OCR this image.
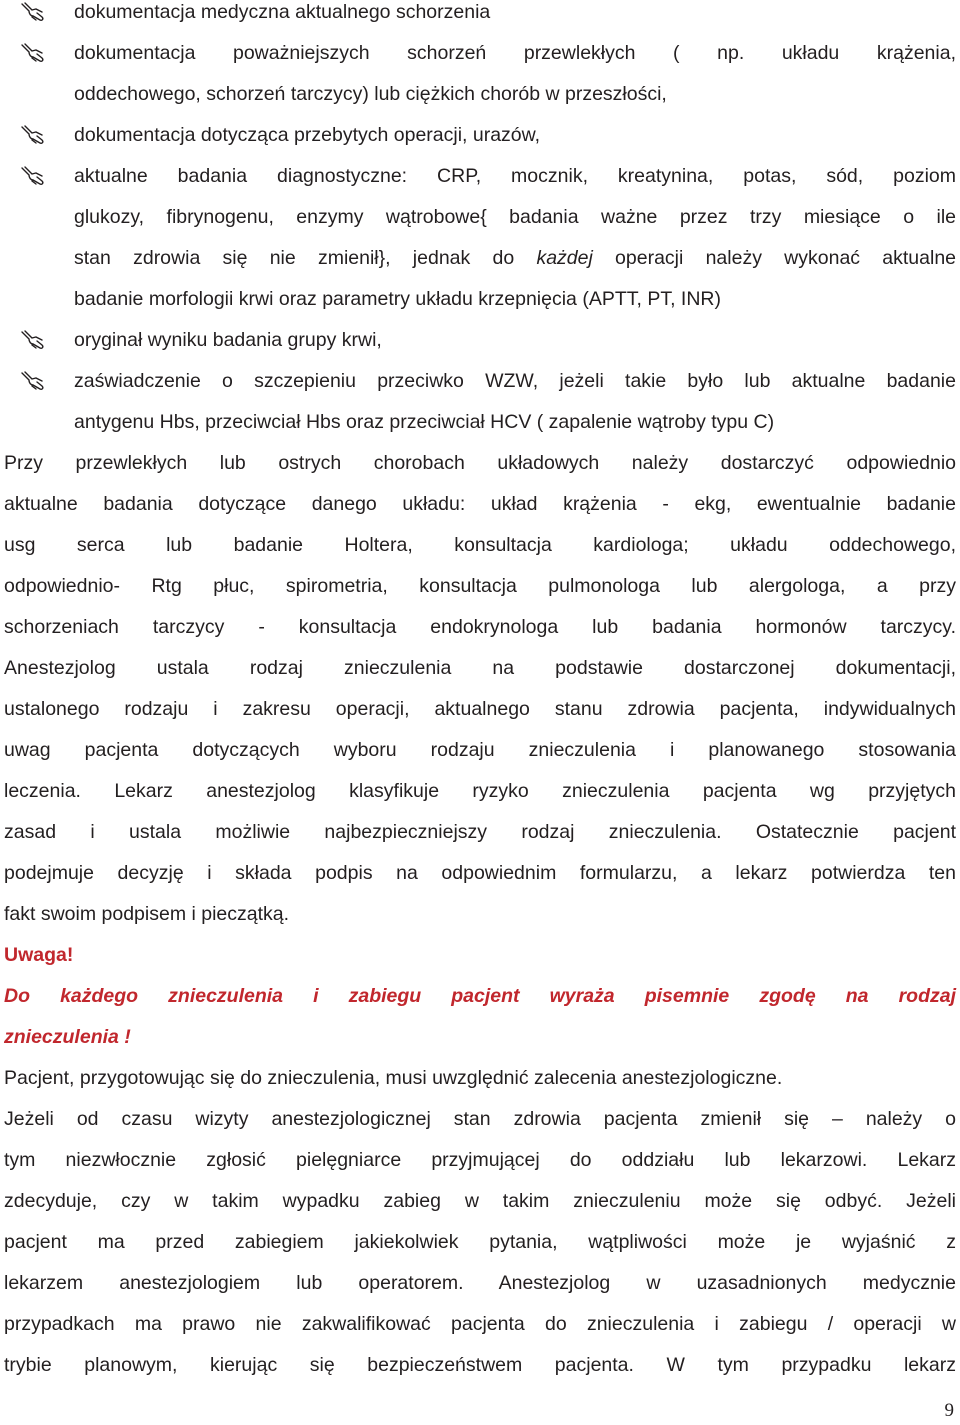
dokumentacja medyczna aktualnego schorzenia
dokumentacja poważniejszych schorzeń przewlekłych ( np. układu krążenia,
oddechowego, schorzeń tarczycy) lub ciężkich chorób w przeszłości,
dokumentacja dotycząca przebytych operacji, urazów,
aktualne badania diagnostyczne: CRP, mocznik, kreatynina, potas, sód, poziom
glukozy, fibrynogenu, enzymy wątrobowe{ badania ważne przez trzy miesiące o ile
stan zdrowia się nie zmienił}, jednak do każdej operacji należy wykonać aktualne
badanie morfologii krwi oraz parametry układu krzepnięcia (APTT, PT, INR)
oryginał wyniku badania grupy krwi,
zaświadczenie o szczepieniu przeciwko WZW, jeżeli takie było lub aktualne badanie
antygenu Hbs, przeciwciał Hbs oraz przeciwciał HCV ( zapalenie wątroby typu C)
Przy przewlekłych lub ostrych chorobach układowych należy dostarczyć odpowiednio
aktualne badania dotyczące danego układu: układ krążenia - ekg, ewentualnie badanie
usg serca lub badanie Holtera, konsultacja kardiologa; układu oddechowego,
odpowiednio- Rtg płuc, spirometria, konsultacja pulmonologa lub alergologa, a przy
schorzeniach tarczycy - konsultacja endokrynologa lub badania hormonów tarczycy.
Anestezjolog ustala rodzaj znieczulenia na podstawie dostarczonej dokumentacji,
ustalonego rodzaju i zakresu operacji, aktualnego stanu zdrowia pacjenta, indywidualnych
uwag pacjenta dotyczących wyboru rodzaju znieczulenia i planowanego stosowania
leczenia. Lekarz anestezjolog klasyfikuje ryzyko znieczulenia pacjenta wg przyjętych
zasad i ustala możliwie najbezpieczniejszy rodzaj znieczulenia. Ostatecznie pacjent
podejmuje decyzję i składa podpis na odpowiednim formularzu, a lekarz potwierdza ten
fakt swoim podpisem i pieczątką.
Uwaga!
Do każdego znieczulenia i zabiegu pacjent wyraża pisemnie zgodę na rodzaj
znieczulenia !
Pacjent, przygotowując się do znieczulenia, musi uwzględnić zalecenia anestezjologiczne.
Jeżeli od czasu wizyty anestezjologicznej stan zdrowia pacjenta zmienił się – należy o
tym niezwłocznie zgłosić pielęgniarce przyjmującej do oddziału lub lekarzowi. Lekarz
zdecyduje, czy w takim wypadku zabieg w takim znieczuleniu może się odbyć. Jeżeli
pacjent ma przed zabiegiem jakiekolwiek pytania, wątpliwości może je wyjaśnić z
lekarzem anestezjologiem lub operatorem. Anestezjolog w uzasadnionych medycznie
przypadkach ma prawo nie zakwalifikować pacjenta do znieczulenia i zabiegu / operacji w
trybie planowym, kierując się bezpieczeństwem pacjenta. W tym przypadku lekarz
9
